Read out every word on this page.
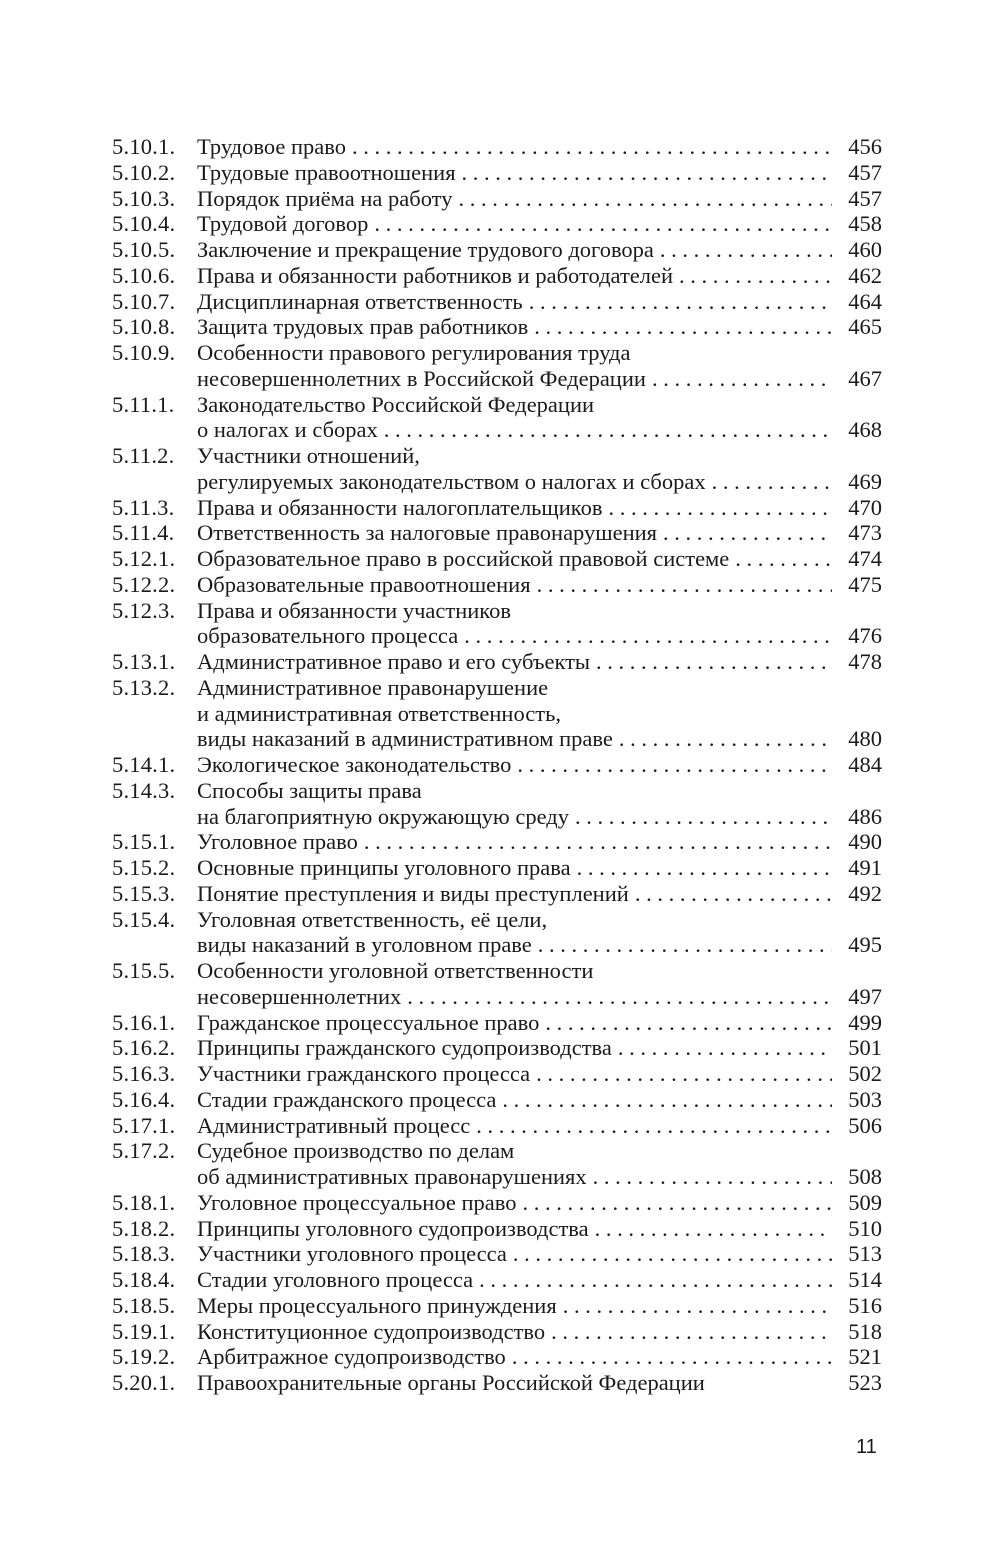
5.10.1. Трудовое право . . .	456
5.10.2. Трудовые правоотношения . . .	457
5.10.3. Порядок приёма на работу . . .	457
5.10.4. Трудовой договор . . .	458
5.10.5. Заключение и прекращение трудового договора . . .	460
5.10.6. Права и обязанности работников и работодателей . . .	462
5.10.7. Дисциплинарная ответственность . . .	464
5.10.8. Защита трудовых прав работников . . .	465
5.10.9. Особенности правового регулирования труда
несовершеннолетних в Российской Федерации . . .	467
5.11.1.	Законодательство Российской Федерации
о налогах и сборах . . .	468
5.11.2.	Участники отношений,
регулируемых законодательством о налогах и сборах . . .	469
5.11.3.	Права и обязанности налогоплательщиков . . .	470
5.11.4.	Ответственность за налоговые правонарушения . . .	473
5.12.1. Образовательное право в российской правовой системе . . .	474
5.12.2. Образовательные правоотношения . . .	475
5.12.3. Права и обязанности участников
образовательного процесса . . .	476
5.13.1. Административное право и его субъекты . . .	478
5.13.2. Административное правонарушение
и административная ответственность,
виды наказаний в административном праве . . .	480
5.14.1. Экологическое законодательство . . .	484
5.14.3. Способы защиты права
на благоприятную окружающую среду . . .	486
5.15.1. Уголовное право . . .	490
5.15.2. Основные принципы уголовного права . . .	491
5.15.3. Понятие преступления и виды преступлений . . .	492
5.15.4. Уголовная ответственность, её цели,
виды наказаний в уголовном праве . . .	495
5.15.5. Особенности уголовной ответственности
несовершеннолетних . . .	497
5.16.1. Гражданское процессуальное право . . .	499
5.16.2. Принципы гражданского судопроизводства . . .	501
5.16.3. Участники гражданского процесса . . .	502
5.16.4. Стадии гражданского процесса . . .	503
5.17.1. Административный процесс . . .	506
5.17.2. Судебное производство по делам
об административных правонарушениях . . .	508
5.18.1. Уголовное процессуальное право . . .	509
5.18.2. Принципы уголовного судопроизводства . . .	510
5.18.3. Участники уголовного процесса . . .	513
5.18.4. Стадии уголовного процесса . . .	514
5.18.5. Меры процессуального принуждения . . .	516
5.19.1. Конституционное судопроизводство . . .	518
5.19.2. Арбитражное судопроизводство . . .	521
5.20.1. Правоохранительные органы Российской Федерации	523
11
